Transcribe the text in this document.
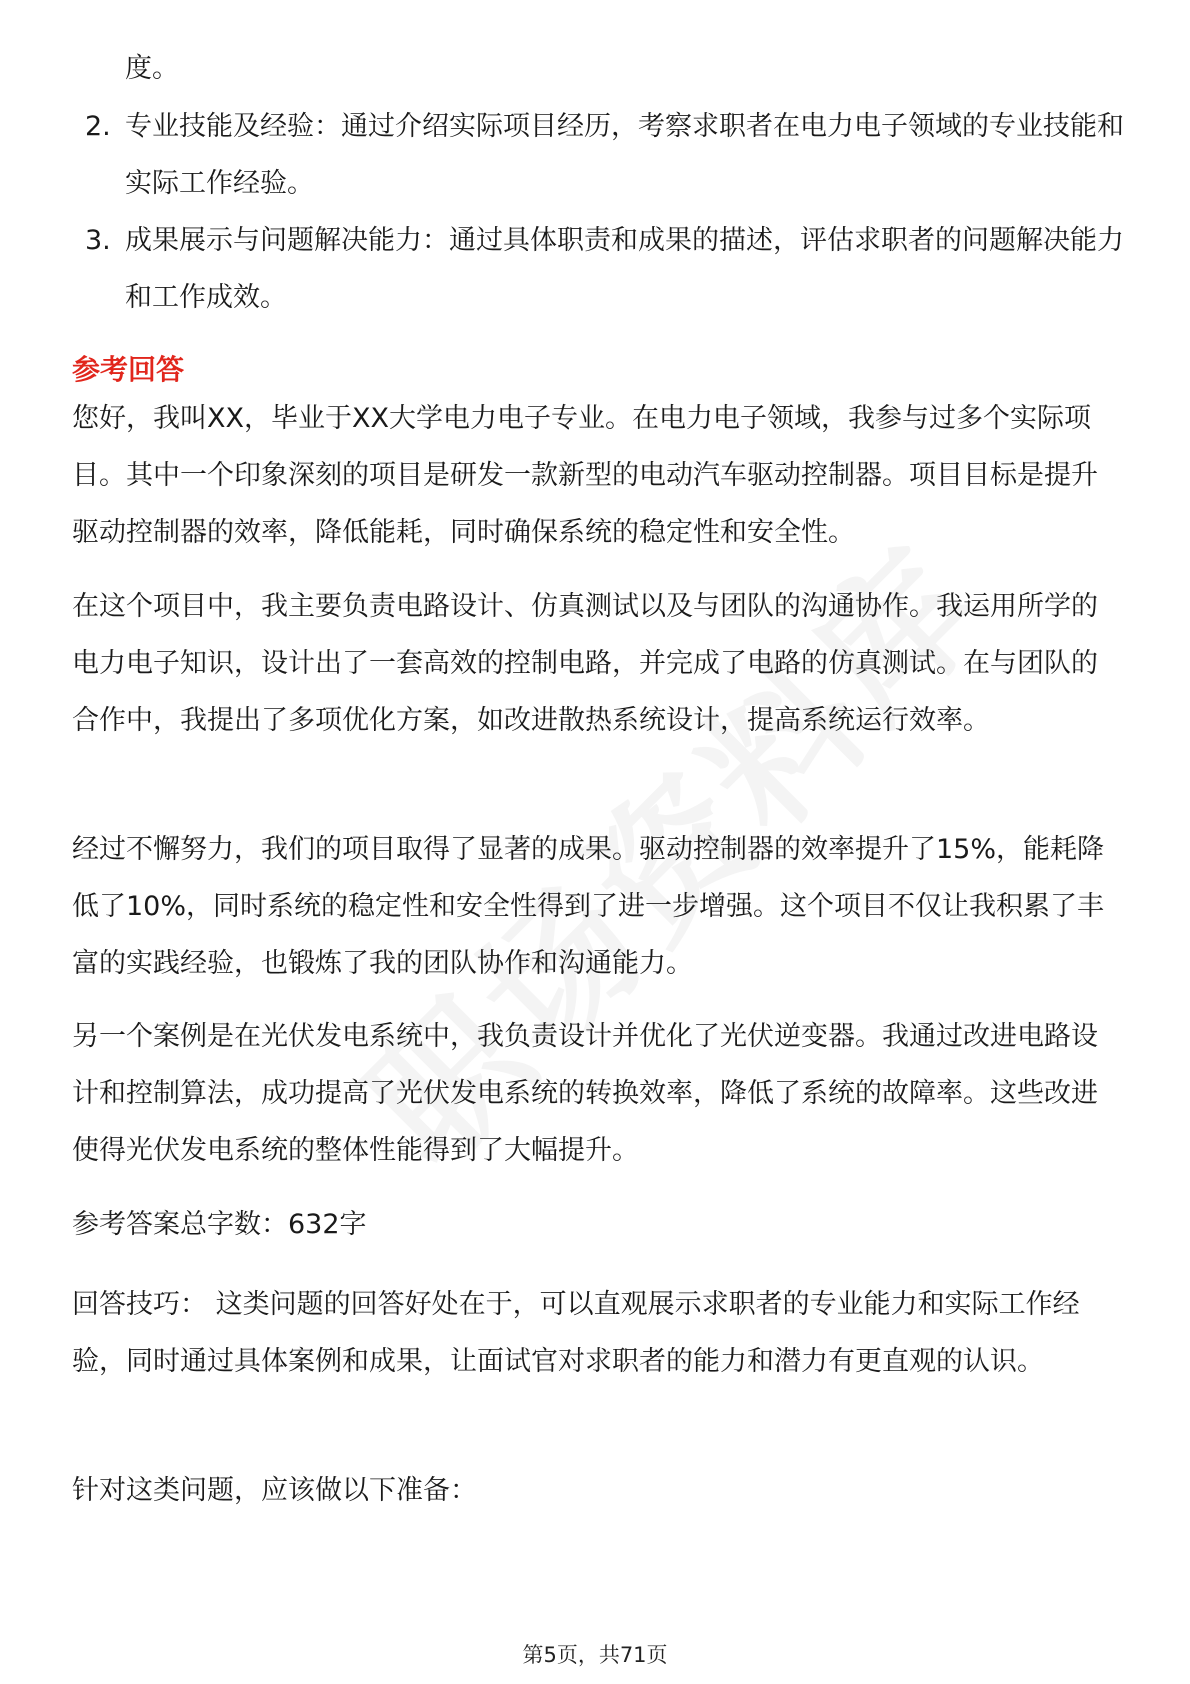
度。

2. 专业技能及经验：通过介绍实际项目经历，考察求职者在电力电子领域的专业技能和实际工作经验。
3. 成果展示与问题解决能力：通过具体职责和成果的描述，评估求职者的问题解决能力和工作成效。
参考回答

您好，我叫XX，毕业于XX大学电力电子专业。在电力电子领域，我参与过多个实际项目。其中一个印象深刻的项目是研发一款新型的电动汽车驱动控制器。项目目标是提升驱动控制器的效率，降低能耗，同时确保系统的稳定性和安全性。

在这个项目中，我主要负责电路设计、仿真测试以及与团队的沟通协作。我运用所学的电力电子知识，设计出了一套高效的控制电路，并完成了电路的仿真测试。在与团队的合作中，我提出了多项优化方案，如改进散热系统设计，提高系统运行效率。

经过不懈努力，我们的项目取得了显著的成果。驱动控制器的效率提升了15%，能耗降低了10%，同时系统的稳定性和安全性得到了进一步增强。这个项目不仅让我积累了丰富的实践经验，也锻炼了我的团队协作和沟通能力。

另一个案例是在光伏发电系统中，我负责设计并优化了光伏逆变器。我通过改进电路设计和控制算法，成功提高了光伏发电系统的转换效率，降低了系统的故障率。这些改进使得光伏发电系统的整体性能得到了大幅提升。

参考答案总字数：632字

回答技巧： 这类问题的回答好处在于，可以直观展示求职者的专业能力和实际工作经验，同时通过具体案例和成果，让面试官对求职者的能力和潜力有更直观的认识。

针对这类问题，应该做以下准备：

第5页，共71页
